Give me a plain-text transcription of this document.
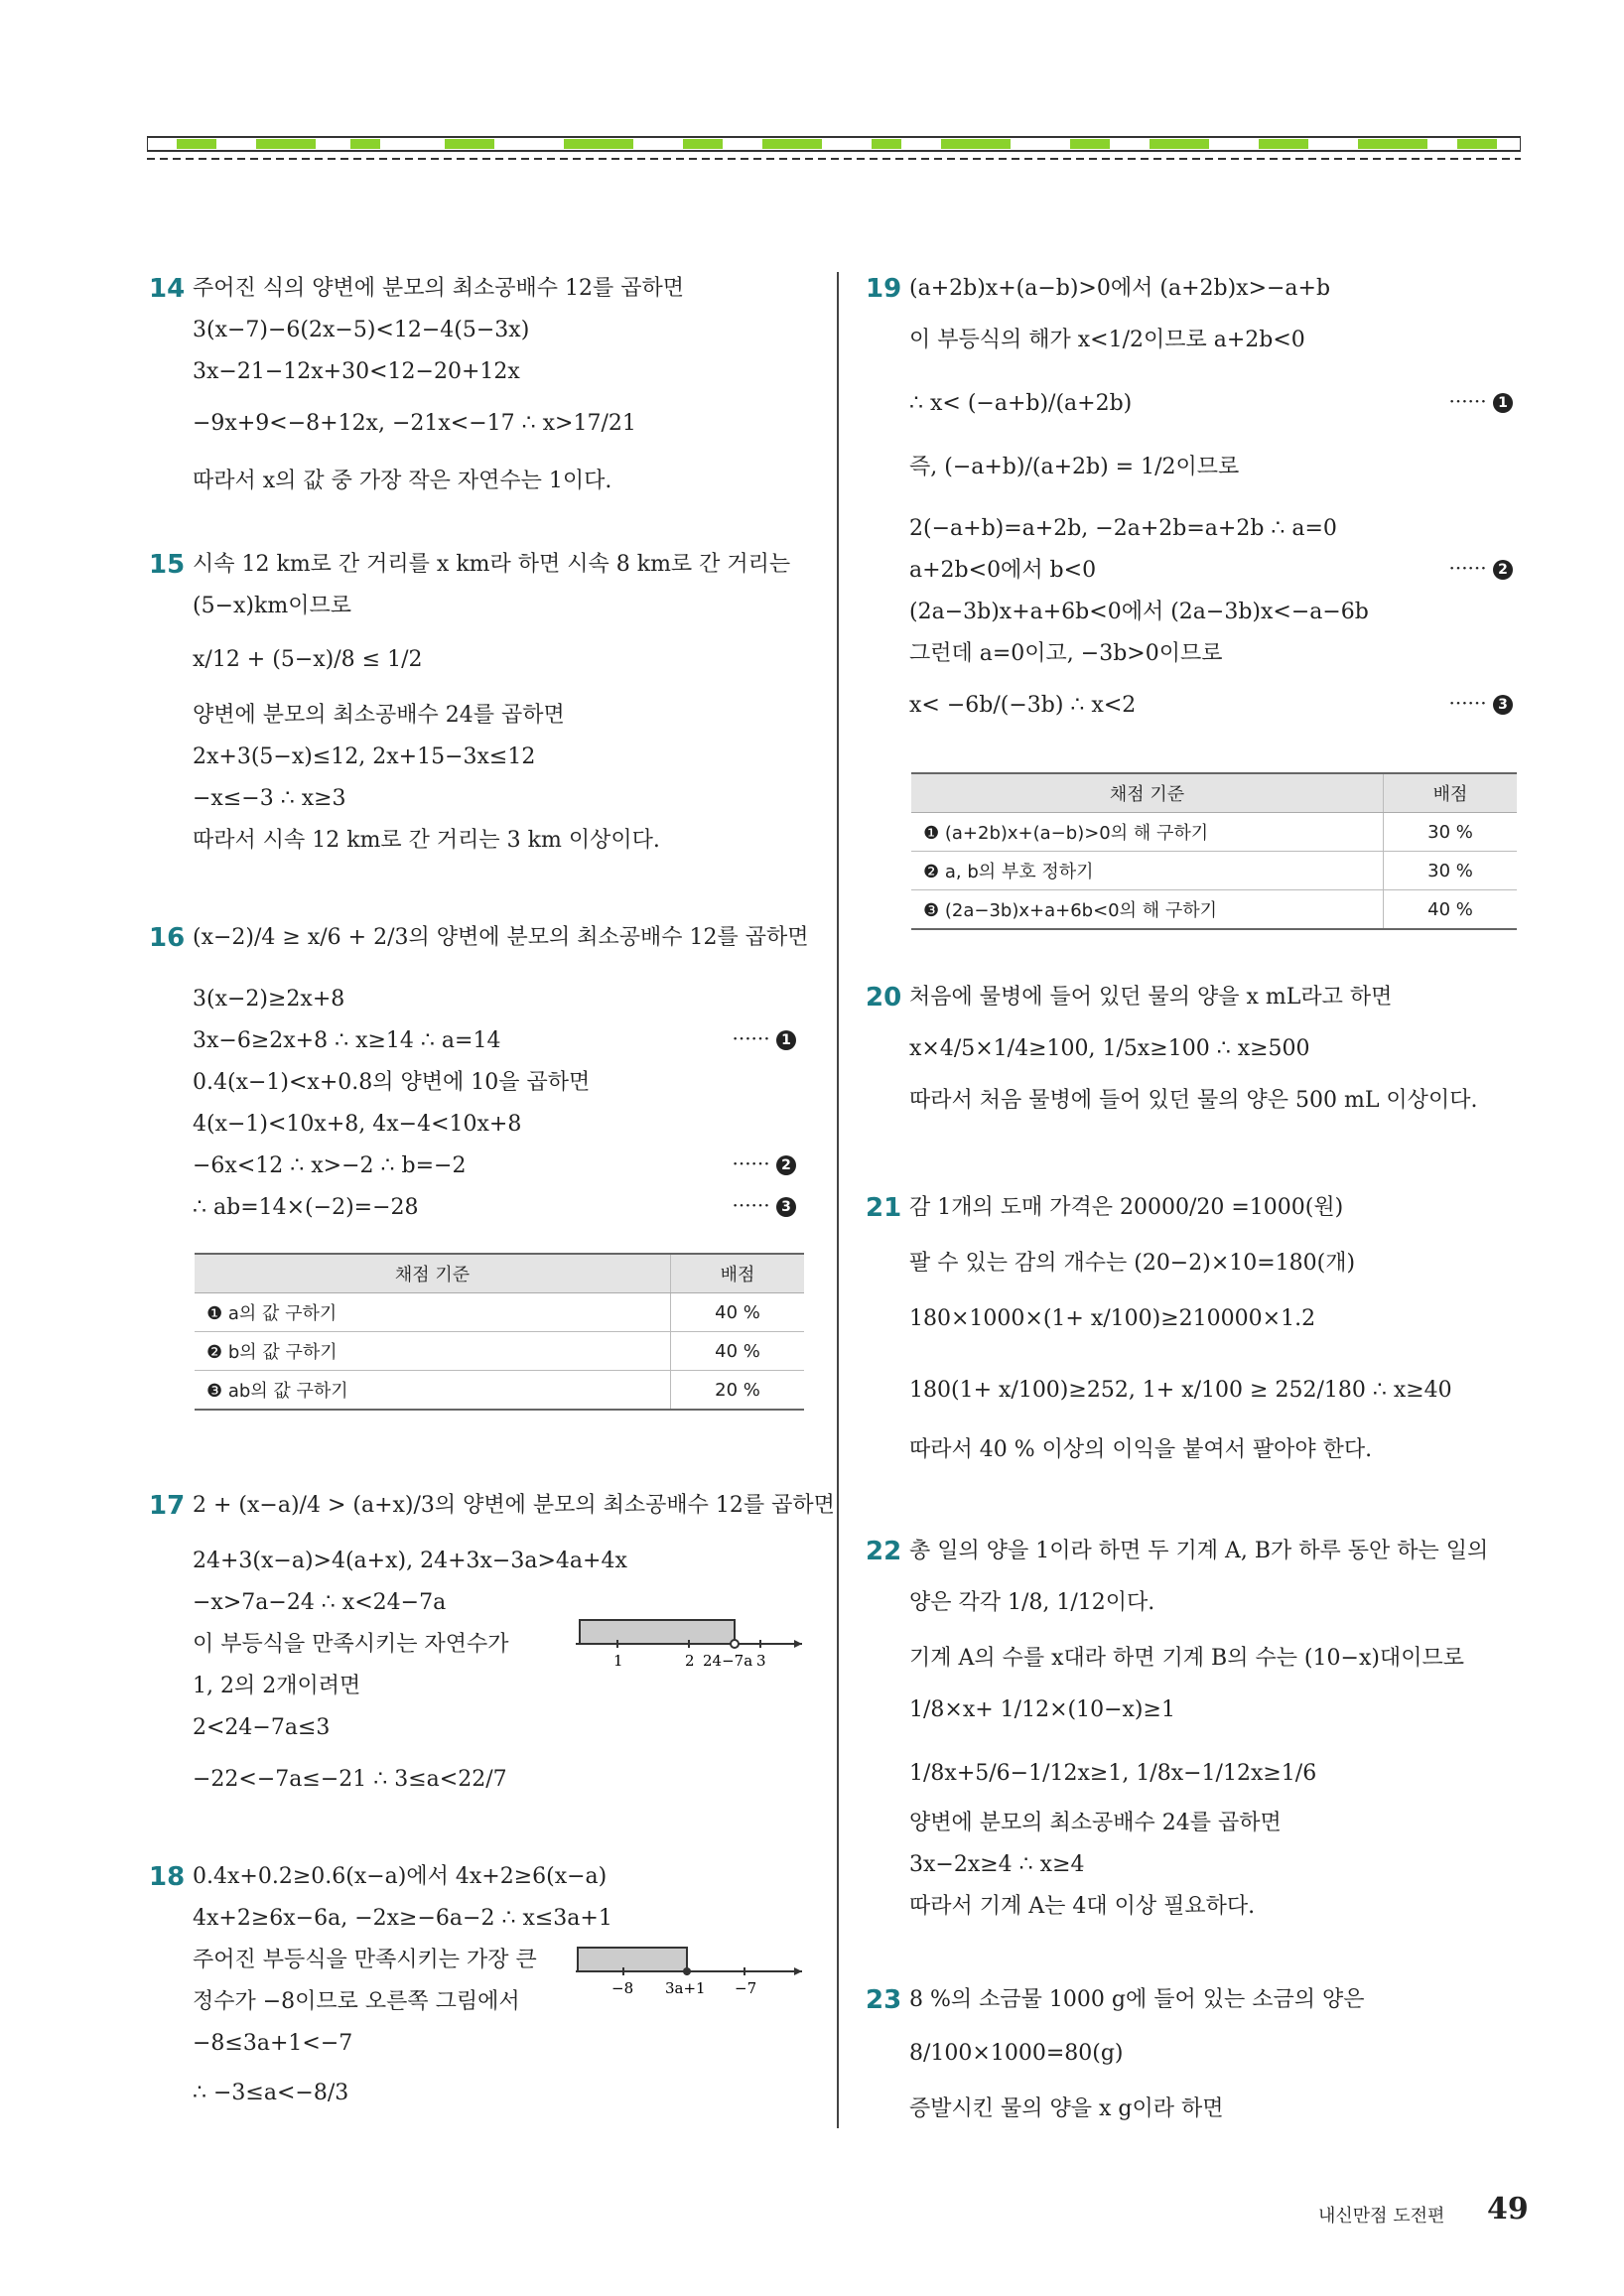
14 주어진 식의 양변에 분모의 최소공배수 12를 곱하면
3(x−7)−6(2x−5)<12−4(5−3x)
3x−21−12x+30<12−20+12x
−9x+9<−8+12x, −21x<−17 ∴ x>17/21
따라서 x의 값 중 가장 작은 자연수는 1이다.
15 시속 12 km로 간 거리를 x km라 하면 시속 8 km로 간 거리는
(5−x)km이므로
x/12 + (5−x)/8 ≤ 1/2
양변에 분모의 최소공배수 24를 곱하면
2x+3(5−x)≤12, 2x+15−3x≤12
−x≤−3 ∴ x≥3
따라서 시속 12 km로 간 거리는 3 km 이상이다.
16 (x−2)/4 ≥ x/6 + 2/3의 양변에 분모의 최소공배수 12를 곱하면
3(x−2)≥2x+8
3x−6≥2x+8 ∴ x≥14 ∴ a=14	······ 1
0.4(x−1)<x+0.8의 양변에 10을 곱하면
4(x−1)<10x+8, 4x−4<10x+8
−6x<12 ∴ x>−2 ∴ b=−2	······ 2
∴ ab=14×(−2)=−28	······ 3
채점 기준	배점
❶ a의 값 구하기	40 %
❷ b의 값 구하기	40 %
❸ ab의 값 구하기	20 %
17 2 + (x−a)/4 > (a+x)/3의 양변에 분모의 최소공배수 12를 곱하면
24+3(x−a)>4(a+x), 24+3x−3a>4a+4x
−x>7a−24 ∴ x<24−7a
이 부등식을 만족시키는 자연수가
1, 2의 2개이려면
2<24−7a≤3
−22<−7a≤−21 ∴ 3≤a<22/7
1	2 24−7a 3
18 0.4x+0.2≥0.6(x−a)에서 4x+2≥6(x−a)
4x+2≥6x−6a, −2x≥−6a−2 ∴ x≤3a+1
주어진 부등식을 만족시키는 가장 큰
정수가 −8이므로 오른쪽 그림에서
−8≤3a+1<−7
∴ −3≤a<−8/3
−8 3a+1 −7
19 (a+2b)x+(a−b)>0에서 (a+2b)x>−a+b
이 부등식의 해가 x<1/2이므로 a+2b<0
∴ x< (−a+b)/(a+2b)	······ 1
즉, (−a+b)/(a+2b) = 1/2이므로
2(−a+b)=a+2b, −2a+2b=a+2b ∴ a=0
a+2b<0에서 b<0	······ 2
(2a−3b)x+a+6b<0에서 (2a−3b)x<−a−6b
그런데 a=0이고, −3b>0이므로
x< −6b/(−3b) ∴ x<2	······ 3
채점 기준	배점
❶ (a+2b)x+(a−b)>0의 해 구하기	30 %
❷ a, b의 부호 정하기	30 %
❸ (2a−3b)x+a+6b<0의 해 구하기	40 %
20 처음에 물병에 들어 있던 물의 양을 x mL라고 하면
x×4/5×1/4≥100, 1/5x≥100 ∴ x≥500
따라서 처음 물병에 들어 있던 물의 양은 500 mL 이상이다.
21 감 1개의 도매 가격은 20000/20 =1000(원)
팔 수 있는 감의 개수는 (20−2)×10=180(개)
180×1000×(1+ x/100)≥210000×1.2
180(1+ x/100)≥252, 1+ x/100 ≥ 252/180 ∴ x≥40
따라서 40 % 이상의 이익을 붙여서 팔아야 한다.
22 총 일의 양을 1이라 하면 두 기계 A, B가 하루 동안 하는 일의
양은 각각 1/8, 1/12이다.
기계 A의 수를 x대라 하면 기계 B의 수는 (10−x)대이므로
1/8×x+ 1/12×(10−x)≥1
1/8x+5/6−1/12x≥1, 1/8x−1/12x≥1/6
양변에 분모의 최소공배수 24를 곱하면
3x−2x≥4 ∴ x≥4
따라서 기계 A는 4대 이상 필요하다.
23 8 %의 소금물 1000 g에 들어 있는 소금의 양은
8/100×1000=80(g)
증발시킨 물의 양을 x g이라 하면
내신만점 도전편 49
